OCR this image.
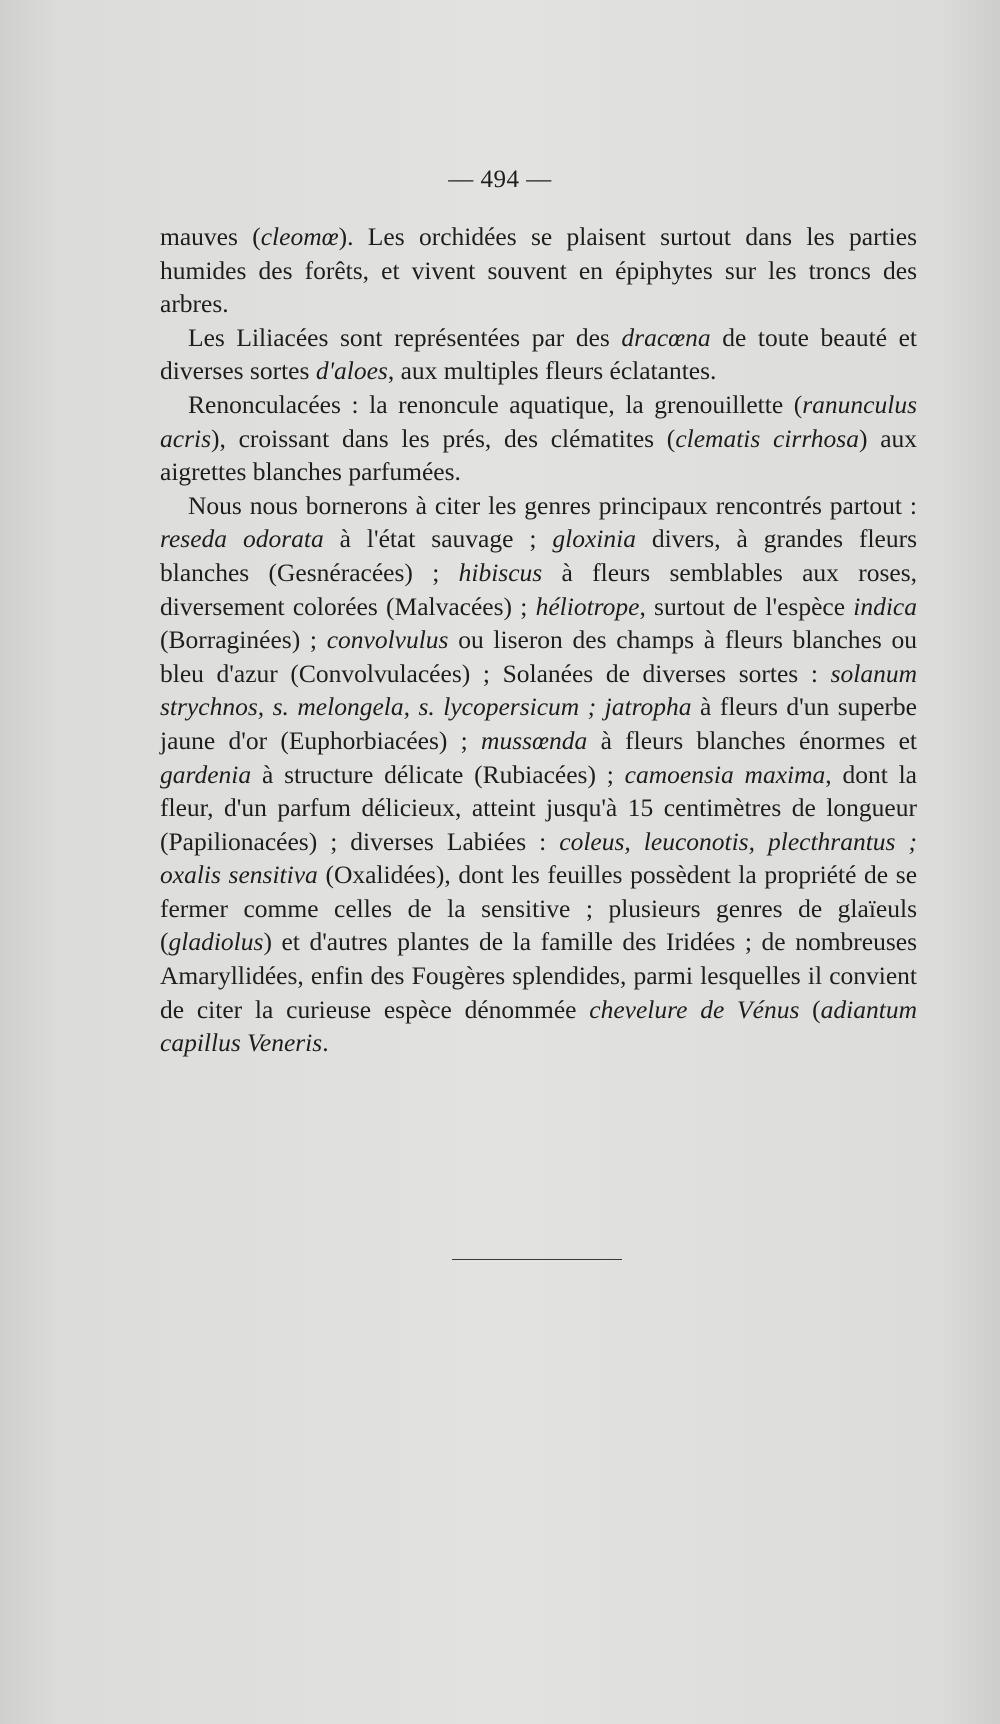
— 494 —

mauves (cleomœ). Les orchidées se plaisent surtout dans les parties humides des forêts, et vivent souvent en épiphytes sur les troncs des arbres.

Les Liliacées sont représentées par des dracœna de toute beauté et diverses sortes d'aloes, aux multiples fleurs éclatantes.

Renonculacées : la renoncule aquatique, la grenouillette (ranunculus acris), croissant dans les prés, des clématites (clematis cirrhosa) aux aigrettes blanches parfumées.

Nous nous bornerons à citer les genres principaux rencontrés partout : reseda odorata à l'état sauvage ; gloxinia divers, à grandes fleurs blanches (Gesnéracées) ; hibiscus à fleurs semblables aux roses, diversement colorées (Malvacées) ; héliotrope, surtout de l'espèce indica (Borraginées) ; convolvulus ou liseron des champs à fleurs blanches ou bleu d'azur (Convolvulacées) ; Solanées de diverses sortes : solanum strychnos, s. melongela, s. lycopersicum ; jatropha à fleurs d'un superbe jaune d'or (Euphorbiacées) ; mussœnda à fleurs blanches énormes et gardenia à structure délicate (Rubiacées) ; camoensia maxima, dont la fleur, d'un parfum délicieux, atteint jusqu'à 15 centimètres de longueur (Papilionacées) ; diverses Labiées : coleus, leuconotis, plecthrantus ; oxalis sensitiva (Oxalidées), dont les feuilles possèdent la propriété de se fermer comme celles de la sensitive ; plusieurs genres de glaïeuls (gladiolus) et d'autres plantes de la famille des Iridées ; de nombreuses Amaryllidées, enfin des Fougères splendides, parmi lesquelles il convient de citer la curieuse espèce dénommée chevelure de Vénus (adiantum capillus Veneris.
